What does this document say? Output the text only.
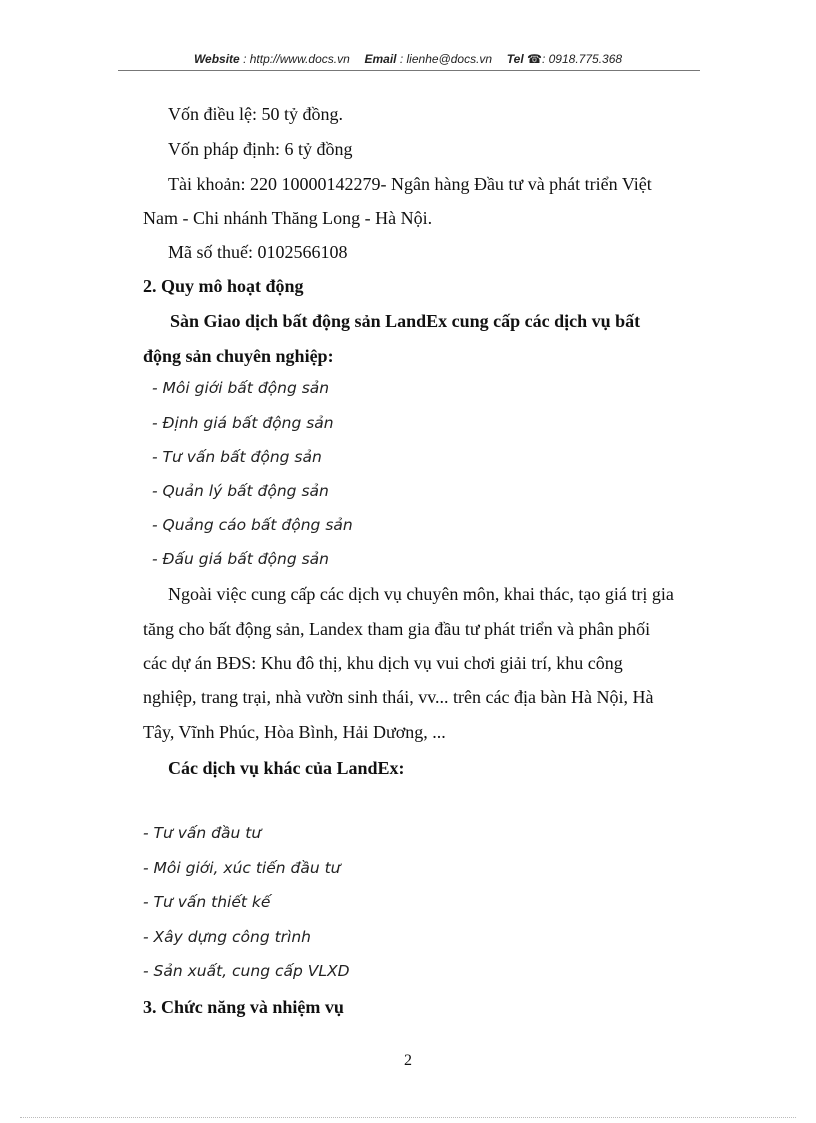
Website : http://www.docs.vn Email : lienhe@docs.vn Tel ☎: 0918.775.368
Vốn điều lệ: 50 tỷ đồng.
Vốn pháp định: 6 tỷ đồng
Tài khoản: 220 10000142279- Ngân hàng Đầu tư và phát triển Việt
Nam - Chi nhánh Thăng Long - Hà Nội.
Mã số thuế: 0102566108
2. Quy mô hoạt động
Sàn Giao dịch bất động sản LandEx cung cấp các dịch vụ bất
động sản chuyên nghiệp:
- Môi giới bất động sản
- Định giá bất động sản
- Tư vấn bất động sản
- Quản lý bất động sản
- Quảng cáo bất động sản
- Đấu giá bất động sản
Ngoài việc cung cấp các dịch vụ chuyên môn, khai thác, tạo giá trị gia
tăng cho bất động sản, Landex tham gia đầu tư phát triển và phân phối
các dự án BĐS: Khu đô thị, khu dịch vụ vui chơi giải trí, khu công
nghiệp, trang trại, nhà vườn sinh thái, vv... trên các địa bàn Hà Nội, Hà
Tây, Vĩnh Phúc, Hòa Bình, Hải Dương, ...
Các dịch vụ khác của LandEx:
- Tư vấn đầu tư
- Môi giới, xúc tiến đầu tư
- Tư vấn thiết kế
- Xây dựng công trình
- Sản xuất, cung cấp VLXD
3. Chức năng và nhiệm vụ
2
